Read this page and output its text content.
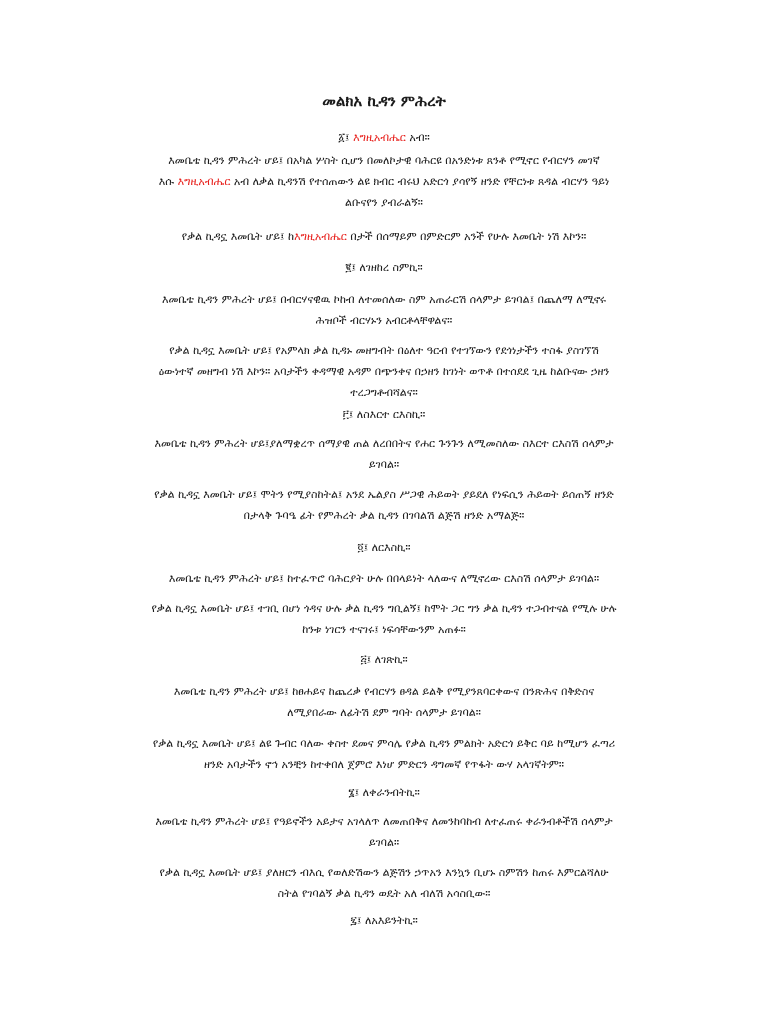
መልክአ ኪዳን ምሕረት
፩፤ እግዚአብሔር አብ።
እመቤቴ ኪዳን ምሕረት ሆይ፤ በአካል ሦስት ሲሆን በመለኮታዊ ባሕርዩ በአንድነቱ ጸንቶ የሚኖር የብርሃን መገኛ
እሱ እግዚአብሔር አብ ለቃል ኪዳንሽ የተሰጠውን ልዩ ክብር ብሩህ አድርጎ ያሳየኝ ዘንድ የቸርነቱ ጸዳል ብርሃን ዓይነ
ልቡናየን ያብራልኝ።
የቃል ኪዳኗ እመቤት ሆይ፤ ከእግዚአብሔር በታች በሰማይም በምድርም አንች የሁሉ እመቤት ነሽ እኮን።
፪፤ ለገዘከረ ስምኪ።
እመቤቴ ኪዳን ምሕረት ሆይ፤ በብርሃናዊዉ ኮከብ ለተመሰለው ስም አጠራርሽ ሰላምታ ይገባል፤ በጨለማ ለሚኖሩ
ሕዝቦች ብርሃኑን አብርቶላቸዋልና።
የቃል ኪዳኗ እመቤት ሆይ፤ የአምላክ ቃል ኪዳኑ መዘግብት በዕለተ ዓርብ የተገኘውን የደጎነታችን ተስፋ ያስገኘሽ
ዕውነተኛ መዘግብ ነሽ እኮን። አባታችን ቀዳማዊ አዳም በጭንቀና በኃዘን ከገነት ወጥቶ በተሰደደ ጊዜ ከልቡናው ኃዘን
ተረጋግቶብሻልና።
፫፤ ለስእርተ ርእስኪ።
እመቤቴ ኪዳን ምሕረት ሆይ፤ያለማቋረጥ ሰማያዊ ጠል ለረበበትና የሐር ጉንጉን ለሚመስለው ስእርተ ርእስሽ ሰላምታ
ይገባል።
የቃል ኪዳኗ እመቤት ሆይ፤ ሞትን የሚያስከትል፤ አንደ ኤልያስ ሥጋዊ ሕይወት ያይደለ የነፍሲን ሕይወት ይሰጠኝ ዘንድ
በታላቅ ጉባዔ ፊት የምሕረት ቃል ኪዳን በገባልሽ ልጅሽ ዘንድ አማልጅ።
፬፤ ለርእስኪ።
እመቤቴ ኪዳን ምሕረት ሆይ፤ ከተፈጥሮ ባሕርያት ሁሉ በበላይነት ላለውና ለሚኖረው ርእስሽ ሰላምታ ይገባል።
የቃል ኪዳኗ እመቤት ሆይ፤ ተገቢ በሆነ ጎዳና ሁሉ ቃል ኪዳን ግቢልኝ፤ ከሞት ጋር ግን ቃል ኪዳን ተጋብተናል የሚሉ ሁሉ
ከንቱ ነገርን ተናገሩ፤ ነፍሳቸውንም አጠፉ።
፭፤ ለገጽኪ።
እመቤቴ ኪዳን ምሕረት ሆይ፤ ከፀሐይና ከጨረቃ የብርሃን ፀዳል ይልቅ የሚያንጸባርቀውና በንጽሕና በቅድስና
ለሚያበራው ለፊትሽ ደም ግባት ሰላምታ ይገባል።
የቃል ኪዳኗ እመቤት ሆይ፤ ልዩ ጉብር ባለው ቀስተ ደመና ምሳሌ የቃል ኪዳን ምልክት አድርጎ ይቅር ባይ ከሚሆን ፈጣሪ
ዘንድ አባታችን ኖኅ አንቺን ከተቀበለ ጀምሮ እነሆ ምድርን ዳግመኛ የጥፋት ውሃ አላገኛትም።
፮፤ ለቀራንብትኪ።
እመቤቴ ኪዳን ምሕረት ሆይ፤ የዓይኖችን አይታና አገላለጥ ለመጠበቅና ለመንከባከብ ለተፈጠሩ ቀራንብቶችሽ ሰላምታ
ይገባል።
የቃል ኪዳኗ እመቤት ሆይ፤ ያለዘርን ብእሲ የወለድሽውን ልጅሽን ኃጥአን እንኳን ቢሆኑ ስምሽን ከጠሩ እምርልሻለሁ
ስትል የገባልኝ ቃል ኪዳን ወዴት አለ ብለሽ አሳስቢው።
፯፤ ለአእይንትኪ።
